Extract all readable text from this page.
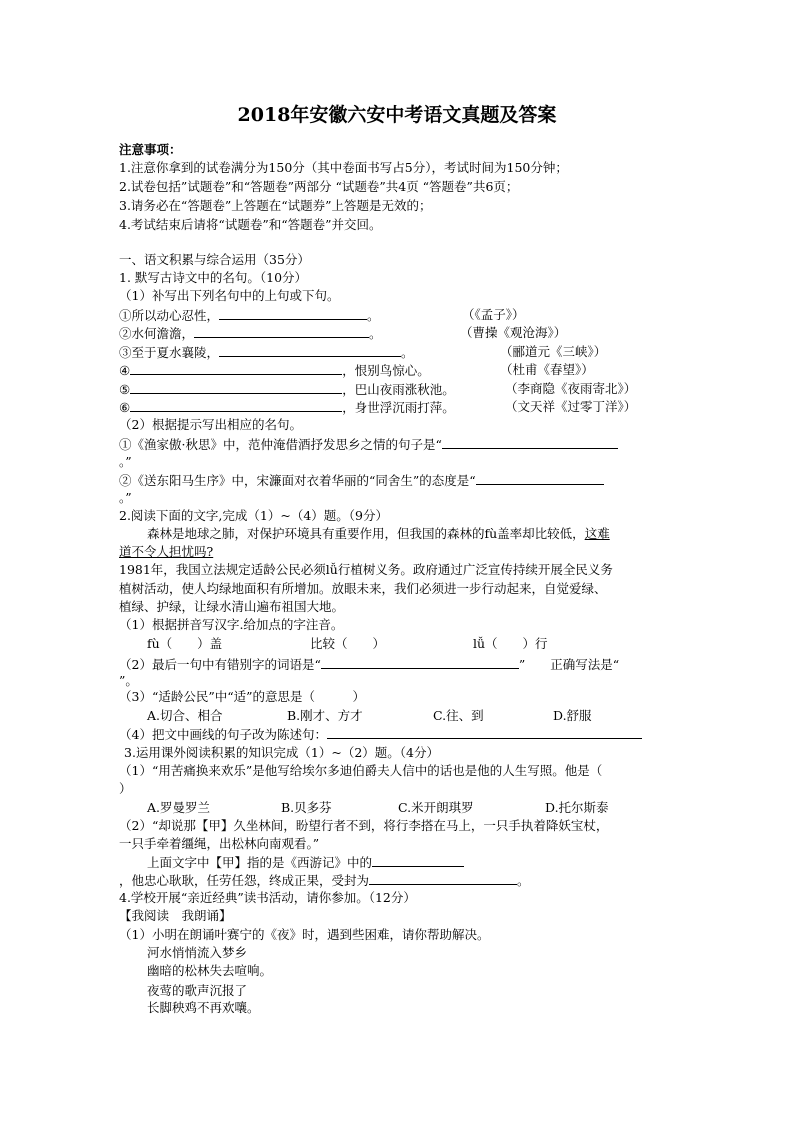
2018年安徽六安中考语文真题及答案
注意事项：
1.注意你拿到的试卷满分为150分（其中卷面书写占5分），考试时间为150分钟；
2.试卷包括”试题卷”和“答题卷”两部分 “试题卷”共4页 “答题卷”共6页；
3.请务必在“答题卷”上答题在“试题券”上答题是无效的；
4.考试结束后请将“试题卷”和“答题卷”并交回。
一、语文积累与综合运用（35分）
1. 默写古诗文中的名句。（10分）
（1）补写出下列名句中的上句或下句。
①所以动心忍性，	。	（《孟子》）
②水何澹澹，	。	（曹操《观沧海》）
③至于夏水襄陵，	。	（郦道元《三峡》）
④	，恨别鸟惊心。	（杜甫《春望》）
⑤	，巴山夜雨涨秋池。	（李商隐《夜雨寄北》）
⑥	，身世浮沉雨打萍。	（文天祥《过零丁洋》）
（2）根据提示写出相应的名句。
①《渔家傲·秋思》中，范仲淹借酒抒发思乡之情的句子是“
。”
②《送东阳马生序》中，宋濂面对衣着华丽的“同舍生”的态度是“
。”
2.阅读下面的文字,完成（1）~（4）题。（9分）
森林是地球之肺，对保护环境具有重要作用，但我国的森林的fù盖率却比较低，这难
道不令人担忧吗?
1981年，我国立法规定适龄公民必须lǚ行植树义务。政府通过广泛宣传持续开展全民义务
植树活动，使人均绿地面积有所增加。放眼未来，我们必须进一步行动起来，自觉爱绿、
植绿、护绿，让绿水清山遍布祖国大地。
（1）根据拼音写汉字.给加点的字注音。
fù（　　）盖	比较（　　）	lǚ（　　）行
（2）最后一句中有错别字的词语是“	”　　正确写法是“
”。
（3）“适龄公民”中“适”的意思是（　　　）
A.切合、相合	B.刚才、方才	C.往、到	D.舒服
（4）把文中画线的句子改为陈述句：
3.运用课外阅读积累的知识完成（1）~（2）题。（4分）
（1）“用苦痛换来欢乐”是他写给埃尔多迪伯爵夫人信中的话也是他的人生写照。他是（
）
A.罗曼罗兰	B.贝多芬	C.米开朗琪罗	D.托尔斯泰
（2）“却说那【甲】久坐林间，盼望行者不到，将行李搭在马上，一只手执着降妖宝杖，
一只手牵着缰绳，出松林向南观看。”
上面文字中【甲】指的是《西游记》中的
，他忠心耿耿，任劳任怨，终成正果，受封为	。
4.学校开展“亲近经典”读书活动，请你参加。（12分）
【我阅读　我朗诵】
（1）小明在朗诵叶赛宁的《夜》时，遇到些困难，请你帮助解决。
河水悄悄流入梦乡
幽暗的松林失去喧响。
夜莺的歌声沉报了
长脚秧鸡不再欢嚷。
